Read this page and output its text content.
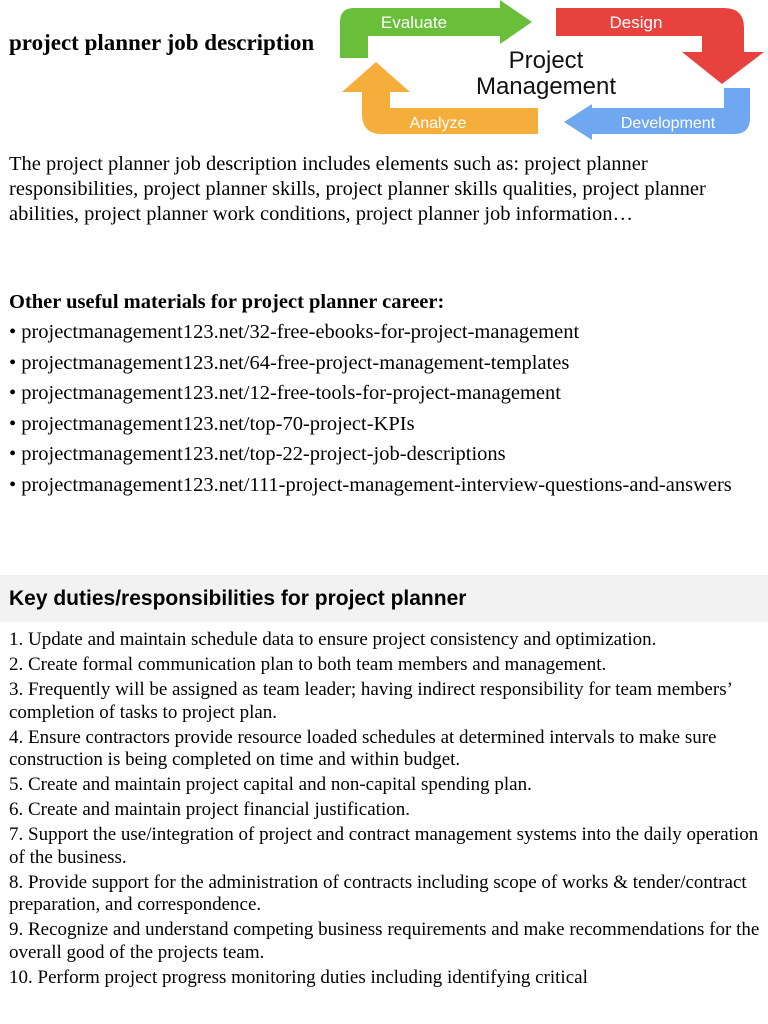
project planner job description
Evaluate	Design
Development
Analyze
Project
Management

The project planner job description includes elements such as: project planner responsibilities, project planner skills, project planner skills qualities, project planner abilities, project planner work conditions, project planner job information…

Other useful materials for project planner career:
• projectmanagement123.net/32-free-ebooks-for-project-management
• projectmanagement123.net/64-free-project-management-templates
• projectmanagement123.net/12-free-tools-for-project-management
• projectmanagement123.net/top-70-project-KPIs
• projectmanagement123.net/top-22-project-job-descriptions
• projectmanagement123.net/111-project-management-interview-questions-and-answers
Key duties/responsibilities for project planner
1. Update and maintain schedule data to ensure project consistency and optimization.
2. Create formal communication plan to both team members and management.
3. Frequently will be assigned as team leader; having indirect responsibility for team members’ completion of tasks to project plan.
4. Ensure contractors provide resource loaded schedules at determined intervals to make sure construction is being completed on time and within budget.
5. Create and maintain project capital and non-capital spending plan.
6. Create and maintain project financial justification.
7. Support the use/integration of project and contract management systems into the daily operation of the business.
8. Provide support for the administration of contracts including scope of works & tender/contract preparation, and correspondence.
9. Recognize and understand competing business requirements and make recommendations for the overall good of the projects team.
10. Perform project progress monitoring duties including identifying critical
